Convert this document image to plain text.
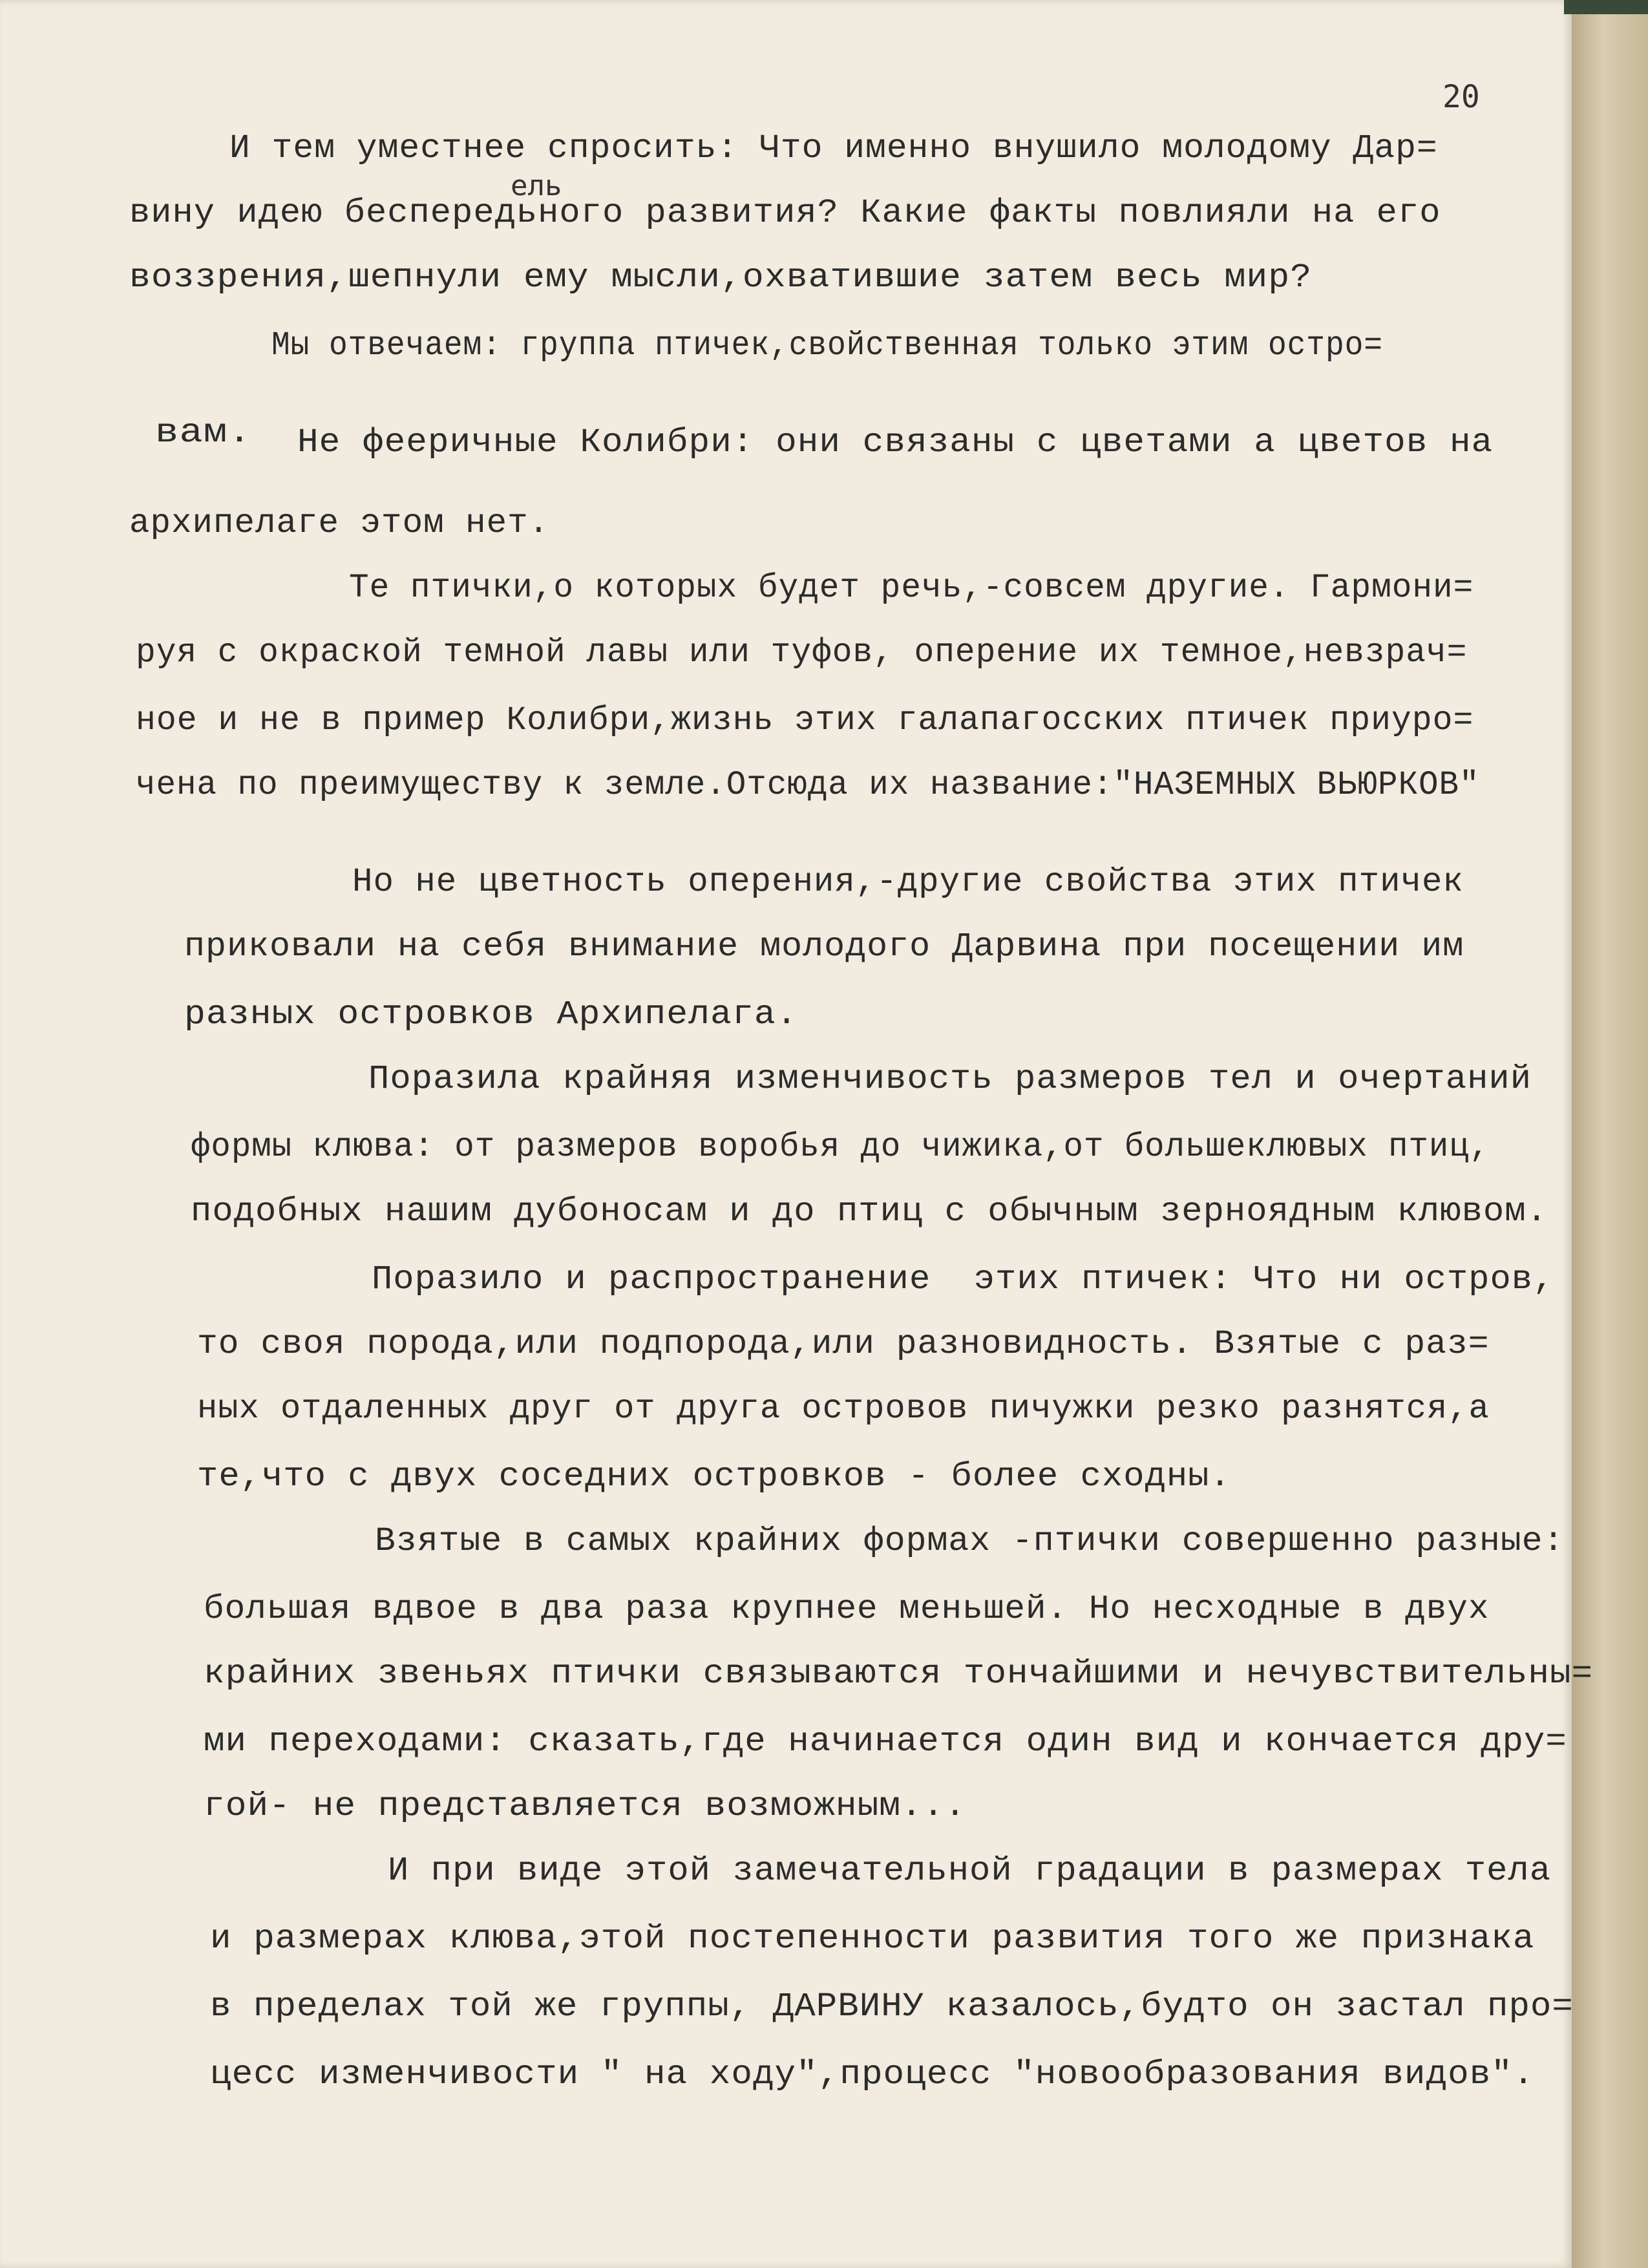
20
ель
И тем уместнее спросить: Что именно внушило молодому Дар=
вину идею беспередьного развития? Какие факты повлияли на его
воззрения,шепнули ему мысли,охватившие затем весь мир?
Мы отвечаем: группа птичек,свойственная только этим остро=
вам. Не фееричные Колибри: они связаны с цветами а цветов на
архипелаге этом нет.
Те птички,о которых будет речь,-совсем другие. Гармони=
руя с окраской темной лавы или туфов, оперение их темное,невзрач=
ное и не в пример Колибри,жизнь этих галапагосских птичек приуро=
чена по преимуществу к земле.Отсюда их название:"НАЗЕМНЫХ ВЬЮРКОВ"
Но не цветность оперения,-другие свойства этих птичек
приковали на себя внимание молодого Дарвина при посещении им
разных островков Архипелага.
Поразила крайняя изменчивость размеров тел и очертаний
формы клюва: от размеров воробья до чижика,от большеклювых птиц,
подобных нашим дубоносам и до птиц с обычным зерноядным клювом.
Поразило и распространение  этих птичек: Что ни остров,
то своя порода,или подпорода,или разновидность. Взятые с раз=
ных отдаленных друг от друга островов пичужки резко разнятся,а
те,что с двух соседних островков - более сходны.
Взятые в самых крайних формах -птички совершенно разные:
большая вдвое в два раза крупнее меньшей. Но несходные в двух
крайних звеньях птички связываются тончайшими и нечувствительны=
ми переходами: сказать,где начинается один вид и кончается дру=
гой- не представляется возможным...
И при виде этой замечательной градации в размерах тела
и размерах клюва,этой постепенности развития того же признака
в пределах той же группы, ДАРВИНУ казалось,будто он застал про=
цесс изменчивости " на ходу",процесс "новообразования видов".
